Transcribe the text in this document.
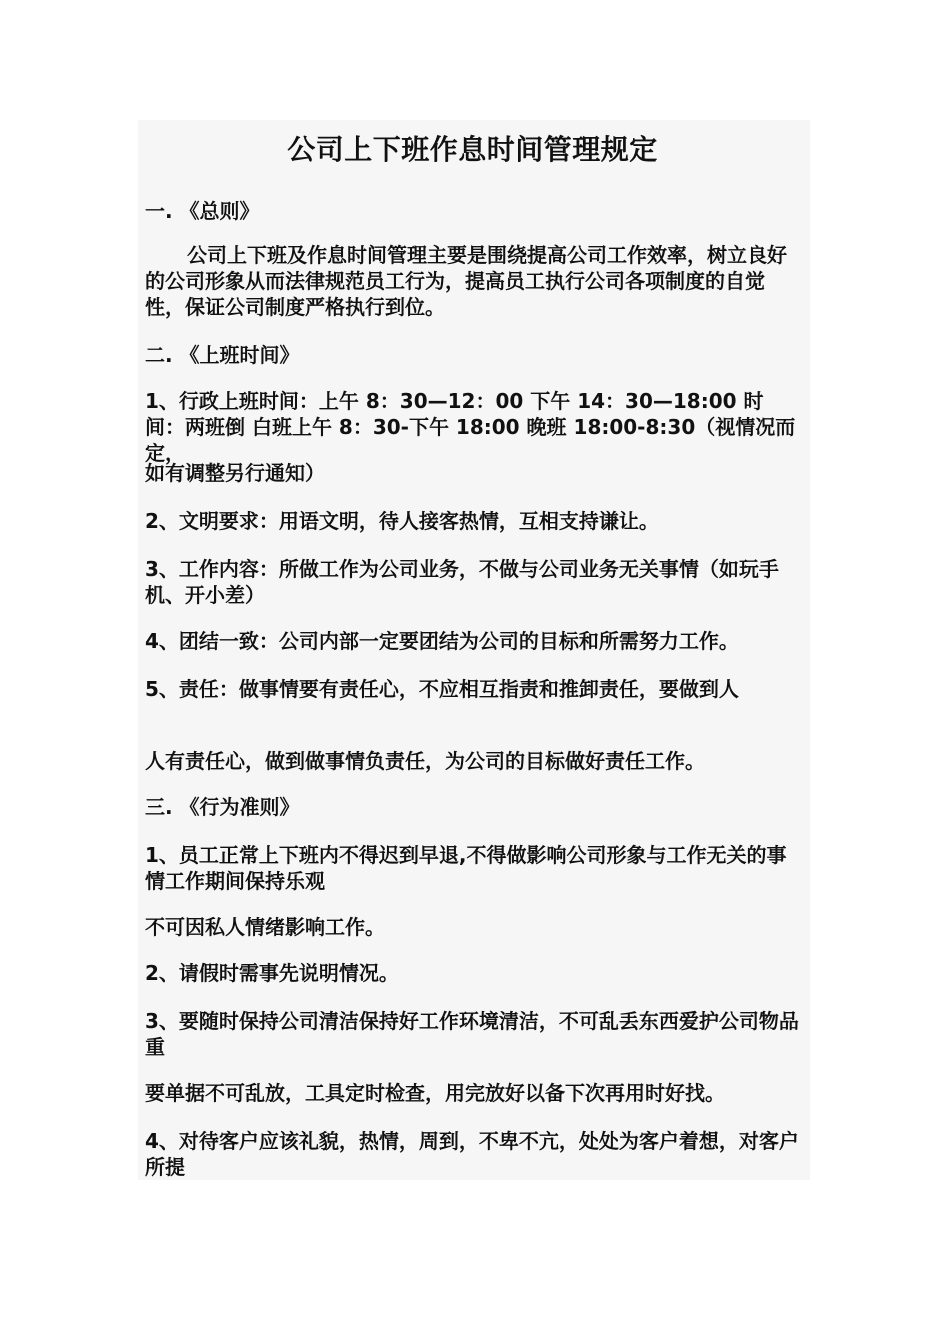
公司上下班作息时间管理规定

一. 《总则》

公司上下班及作息时间管理主要是围绕提高公司工作效率，树立良好的公司形象从而法律规范员工行为，提高员工执行公司各项制度的自觉性，保证公司制度严格执行到位。

二. 《上班时间》

1、行政上班时间：上午 8：30—12：00 下午 14：30—18:00 时间：两班倒 白班上午 8：30-下午 18:00 晚班 18:00-8:30（视情况而定，

如有调整另行通知）

2、文明要求：用语文明，待人接客热情，互相支持谦让。

3、工作内容：所做工作为公司业务，不做与公司业务无关事情（如玩手机、开小差）

4、团结一致：公司内部一定要团结为公司的目标和所需努力工作。

5、责任：做事情要有责任心，不应相互指责和推卸责任，要做到人

人有责任心，做到做事情负责任，为公司的目标做好责任工作。

三. 《行为准则》

1、员工正常上下班内不得迟到早退,不得做影响公司形象与工作无关的事情工作期间保持乐观

不可因私人情绪影响工作。

2、请假时需事先说明情况。

3、要随时保持公司清洁保持好工作环境清洁，不可乱丢东西爱护公司物品重

要单据不可乱放，工具定时检查，用完放好以备下次再用时好找。

4、对待客户应该礼貌，热情，周到，不卑不亢，处处为客户着想，对客户所提
